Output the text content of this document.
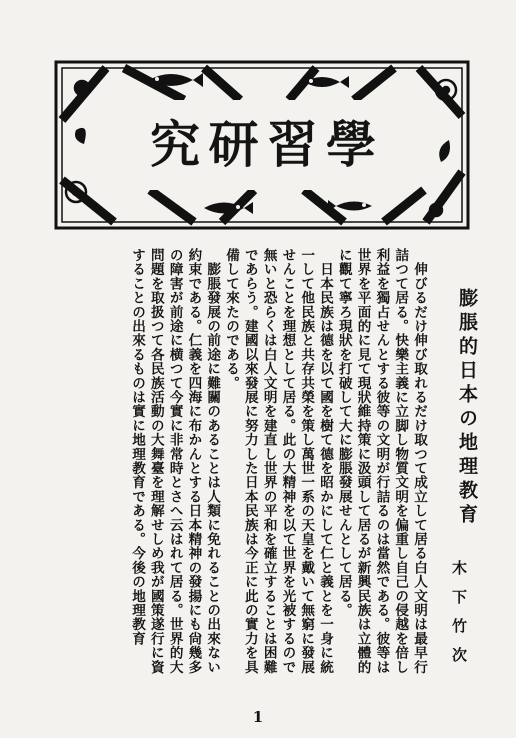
究 研 習 學
膨脹的日本の地理教育
木下竹次
　伸びるだけ伸び取れるだけ取つて成立して居る白人文明は最早行詰つて居る。快樂主義に立脚し物質文明を偏重し自己の侵越を倍し利益を獨占せんとする彼等の文明が行詰るのは當然である。彼等は世界を平面的に見て現狀維持策に汲頭して居るが新興民族は立體的に觀て寧ろ現狀を打破して大に膨脹發展せんとして居る。
　日本民族は德を以て國を樹て德を昭かにして仁と義とを一身に統一して他民族と共存共榮を策し萬世一系の天皇を戴いて無窮に發展せんことを理想として居る。此の大精神を以て世界を光被するので無いと恐らくは白人文明を建直し世界の平和を確立することは困難であらう。建國以來發展に努力した日本民族は今正に此の實力を具備して來たのである。
　膨脹發展の前途に難關のあることは人類に免れることの出來ない約束である。仁義を四海に布かんとする日本精神の發揚にも尙幾多の障害が前途に横つて今實に非常時とさへ云はれて居る。世界的大問題を取扱つて各民族活動の大舞臺を理解せしめ我が國策遂行に資することの出來るものは實に地理教育である。今後の地理教育
1
